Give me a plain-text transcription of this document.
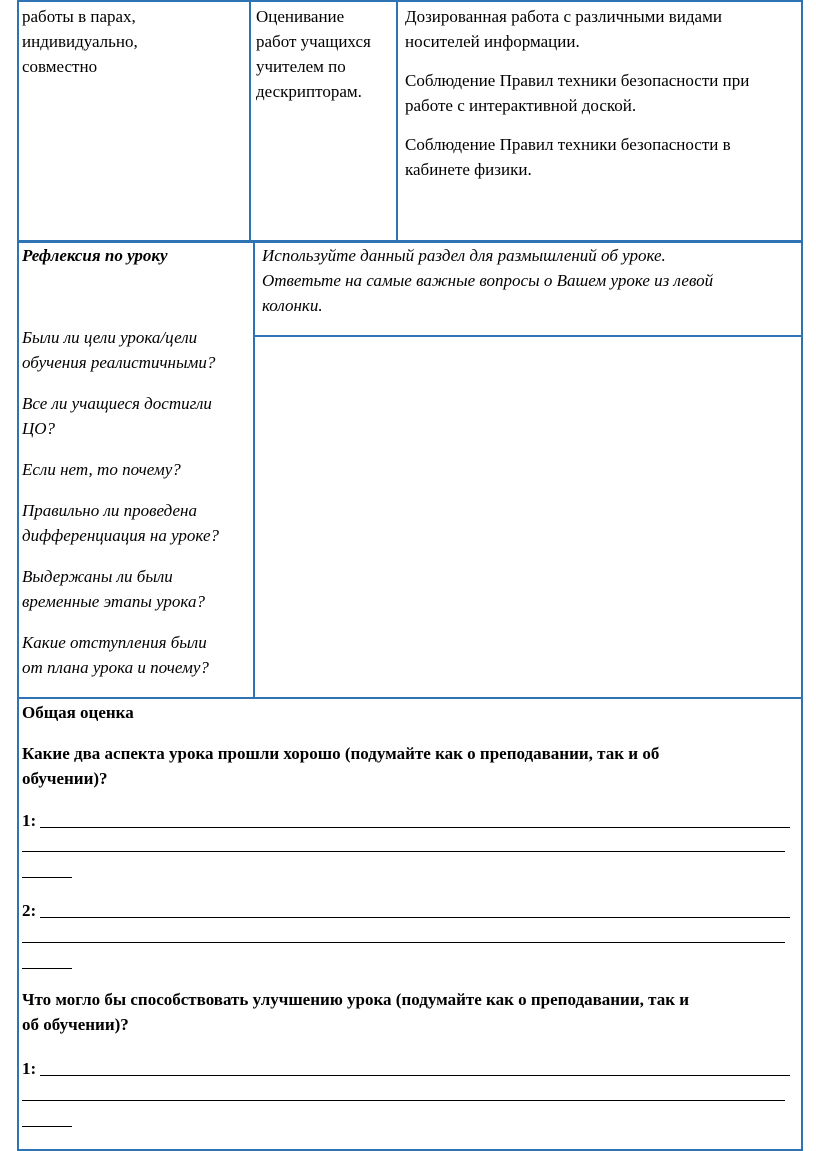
работы в парах,

индивидуально,

совместно

Оценивание

работ учащихся

учителем по

дескрипторам.

Дозированная работа с различными видами

носителей информации.

Соблюдение Правил техники безопасности при

работе с интерактивной доской.

Соблюдение Правил техники безопасности в

кабинете физики.

Рефлексия по уроку	Используйте данный раздел для размышлений об уроке.

Ответьте на самые важные вопросы о Вашем уроке из левой

колонки.

Были ли цели урока/цели

обучения реалистичными?

Все ли учащиеся достигли

ЦО?

Если нет, то почему?

Правильно ли проведена

дифференциация на уроке?

Выдержаны ли были

временные этапы урока?

Какие отступления были

от плана урока и почему?

Общая оценка

Какие два аспекта урока прошли хорошо (подумайте как о преподавании, так и об

обучении)?

1:
2:

Что могло бы способствовать улучшению урока (подумайте как о преподавании, так и

об обучении)?

1:
